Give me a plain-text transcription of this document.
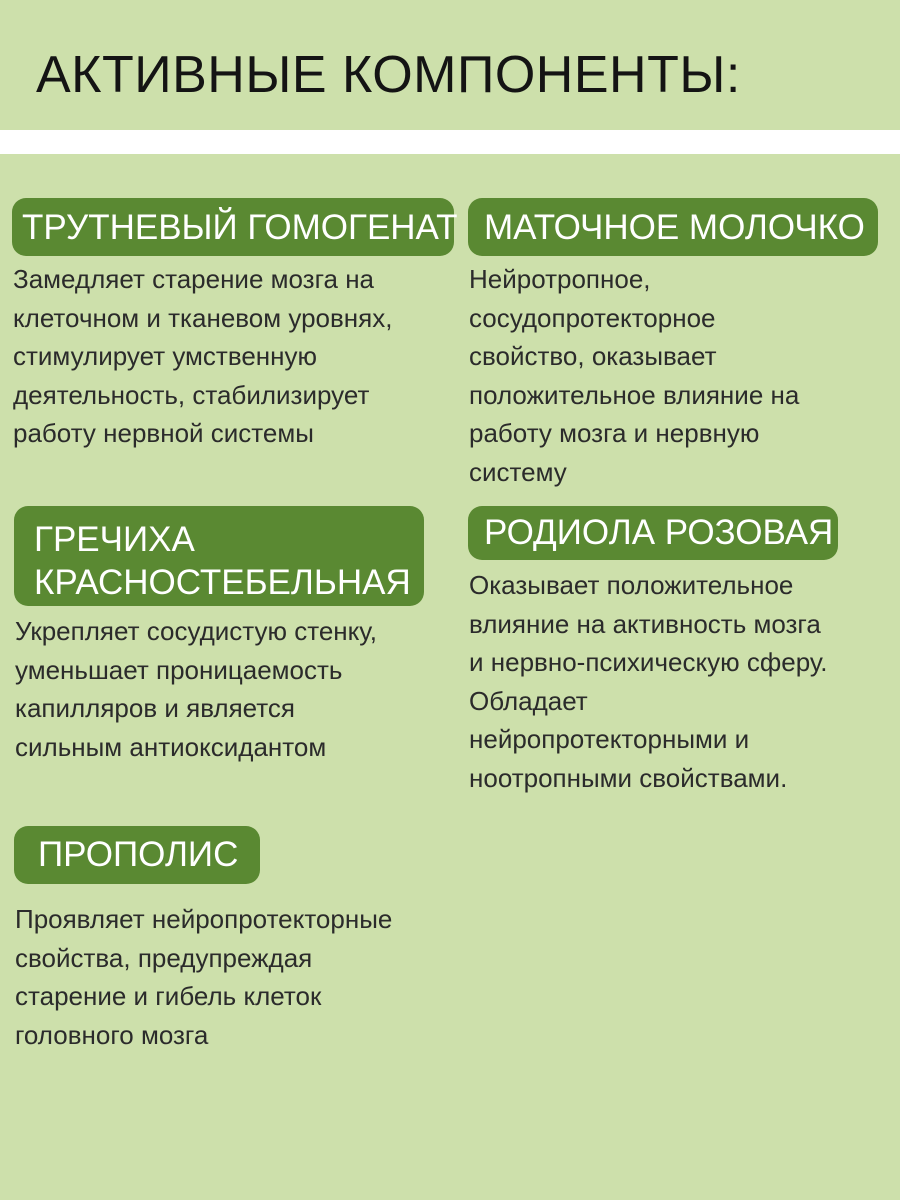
АКТИВНЫЕ КОМПОНЕНТЫ:
ТРУТНЕВЫЙ ГОМОГЕНАТ
Замедляет старение мозга на
клеточном и тканевом уровнях,
стимулирует умственную
деятельность, стабилизирует
работу нервной системы
МАТОЧНОЕ МОЛОЧКО
Нейротропное,
сосудопротекторное
свойство, оказывает
положительное влияние на
работу мозга и нервную
систему
ГРЕЧИХА
КРАСНОСТЕБЕЛЬНАЯ
Укрепляет сосудистую стенку,
уменьшает проницаемость
капилляров и является
сильным антиоксидантом
РОДИОЛА РОЗОВАЯ
Оказывает положительное
влияние на активность мозга
и нервно-психическую сферу.
Обладает
нейропротекторными и
ноотропными свойствами.
ПРОПОЛИС
Проявляет нейропротекторные
свойства, предупреждая
старение и гибель клеток
головного мозга
